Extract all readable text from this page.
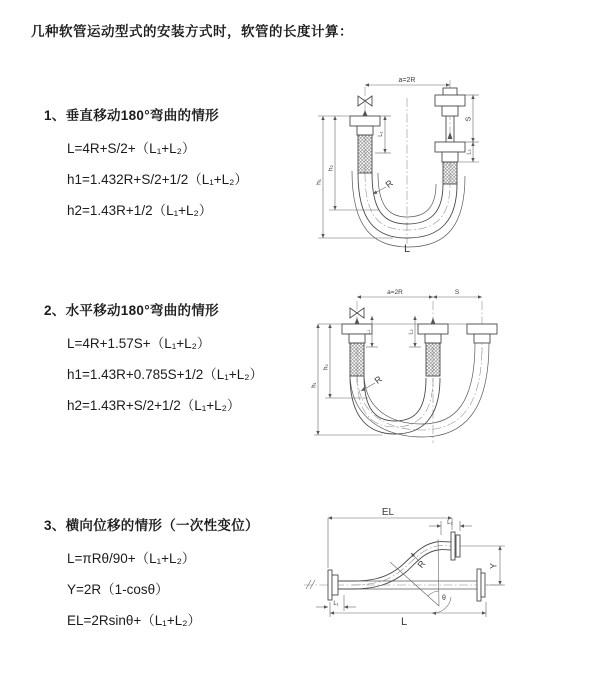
几种软管运动型式的安装方式时，软管的长度计算：
1、垂直移动180°弯曲的情形
L=4R+S/2+（L₁+L₂）
h1=1.432R+S/2+1/2（L₁+L₂）
h2=1.43R+1/2（L₁+L₂）
2、水平移动180°弯曲的情形
L=4R+1.57S+（L₁+L₂）
h1=1.43R+0.785S+1/2（L₁+L₂）
h2=1.43R+S/2+1/2（L₁+L₂）
3、横向位移的情形（一次性变位）
L=πRθ/90+（L₁+L₂）
Y=2R（1-cosθ）
EL=2Rsinθ+（L₁+L₂）
a=2R
h₁
h₂
L₁
S
L₂
R
L
a=2R	S
h₁
h₂
L₁	L₂
R
EL
L₂
Y
θ
R
L
L₁
